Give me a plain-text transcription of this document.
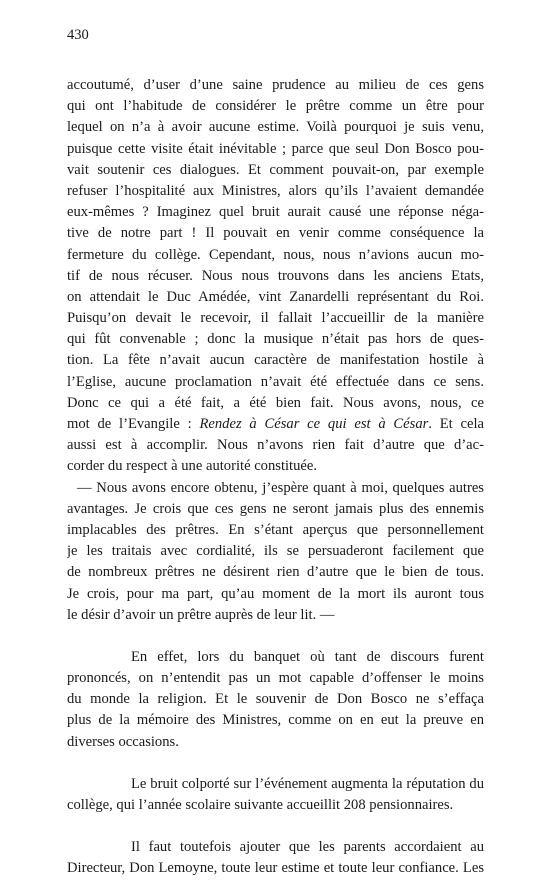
430
accoutumé, d’user d’une saine prudence au milieu de ces gens
qui ont l’habitude de considérer le prêtre comme un être pour
lequel on n’a à avoir aucune estime. Voilà pourquoi je suis venu,
puisque cette visite était inévitable ; parce que seul Don Bosco pou-
vait soutenir ces dialogues. Et comment pouvait-on, par exemple
refuser l’hospitalité aux Ministres, alors qu’ils l’avaient demandée
eux-mêmes ? Imaginez quel bruit aurait causé une réponse néga-
tive de notre part ! Il pouvait en venir comme conséquence la
fermeture du collège. Cependant, nous, nous n’avions aucun mo-
tif de nous récuser. Nous nous trouvons dans les anciens Etats,
on attendait le Duc Amédée, vint Zanardelli représentant du Roi.
Puisqu’on devait le recevoir, il fallait l’accueillir de la manière
qui fût convenable ; donc la musique n’était pas hors de ques-
tion. La fête n’avait aucun caractère de manifestation hostile à
l’Eglise, aucune proclamation n’avait été effectuée dans ce sens.
Donc ce qui a été fait, a été bien fait. Nous avons, nous, ce
mot de l’Evangile : Rendez à César ce qui est à César. Et cela
aussi est à accomplir. Nous n’avons rien fait d’autre que d’ac-
corder du respect à une autorité constituée.
— Nous avons encore obtenu, j’espère quant à moi, quelques autres
avantages. Je crois que ces gens ne seront jamais plus des ennemis
implacables des prêtres. En s’étant aperçus que personnellement
je les traitais avec cordialité, ils se persuaderont facilement que
de nombreux prêtres ne désirent rien d’autre que le bien de tous.
Je crois, pour ma part, qu’au moment de la mort ils auront tous
le désir d’avoir un prêtre auprès de leur lit. —
En effet, lors du banquet où tant de discours furent
prononcés, on n’entendit pas un mot capable d’offenser le moins
du monde la religion. Et le souvenir de Don Bosco ne s’effaça
plus de la mémoire des Ministres, comme on en eut la preuve en
diverses occasions.
Le bruit colporté sur l’événement augmenta la réputation du
collège, qui l’année scolaire suivante accueillit 208 pensionnaires.
Il faut toutefois ajouter que les parents accordaient au
Directeur, Don Lemoyne, toute leur estime et toute leur confiance. Les
